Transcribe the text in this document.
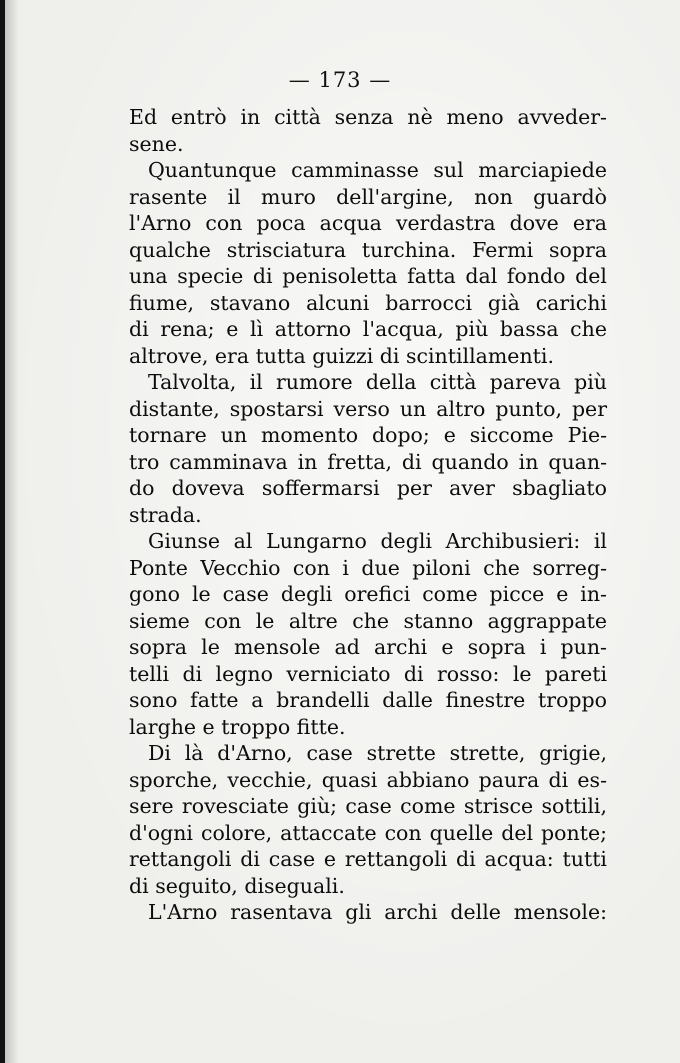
— 173 —
Ed entrò in città senza nè meno avveder-
sene.
Quantunque camminasse sul marciapiede
rasente il muro dell'argine, non guardò
l'Arno con poca acqua verdastra dove era
qualche strisciatura turchina. Fermi sopra
una specie di penisoletta fatta dal fondo del
fiume, stavano alcuni barrocci già carichi
di rena; e lì attorno l'acqua, più bassa che
altrove, era tutta guizzi di scintillamenti.
Talvolta, il rumore della città pareva più
distante, spostarsi verso un altro punto, per
tornare un momento dopo; e siccome Pie-
tro camminava in fretta, di quando in quan-
do doveva soffermarsi per aver sbagliato
strada.
Giunse al Lungarno degli Archibusieri: il
Ponte Vecchio con i due piloni che sorreg-
gono le case degli orefici come picce e in-
sieme con le altre che stanno aggrappate
sopra le mensole ad archi e sopra i pun-
telli di legno verniciato di rosso: le pareti
sono fatte a brandelli dalle finestre troppo
larghe e troppo fitte.
Di là d'Arno, case strette strette, grigie,
sporche, vecchie, quasi abbiano paura di es-
sere rovesciate giù; case come strisce sottili,
d'ogni colore, attaccate con quelle del ponte;
rettangoli di case e rettangoli di acqua: tutti
di seguito, diseguali.
L'Arno rasentava gli archi delle mensole:
